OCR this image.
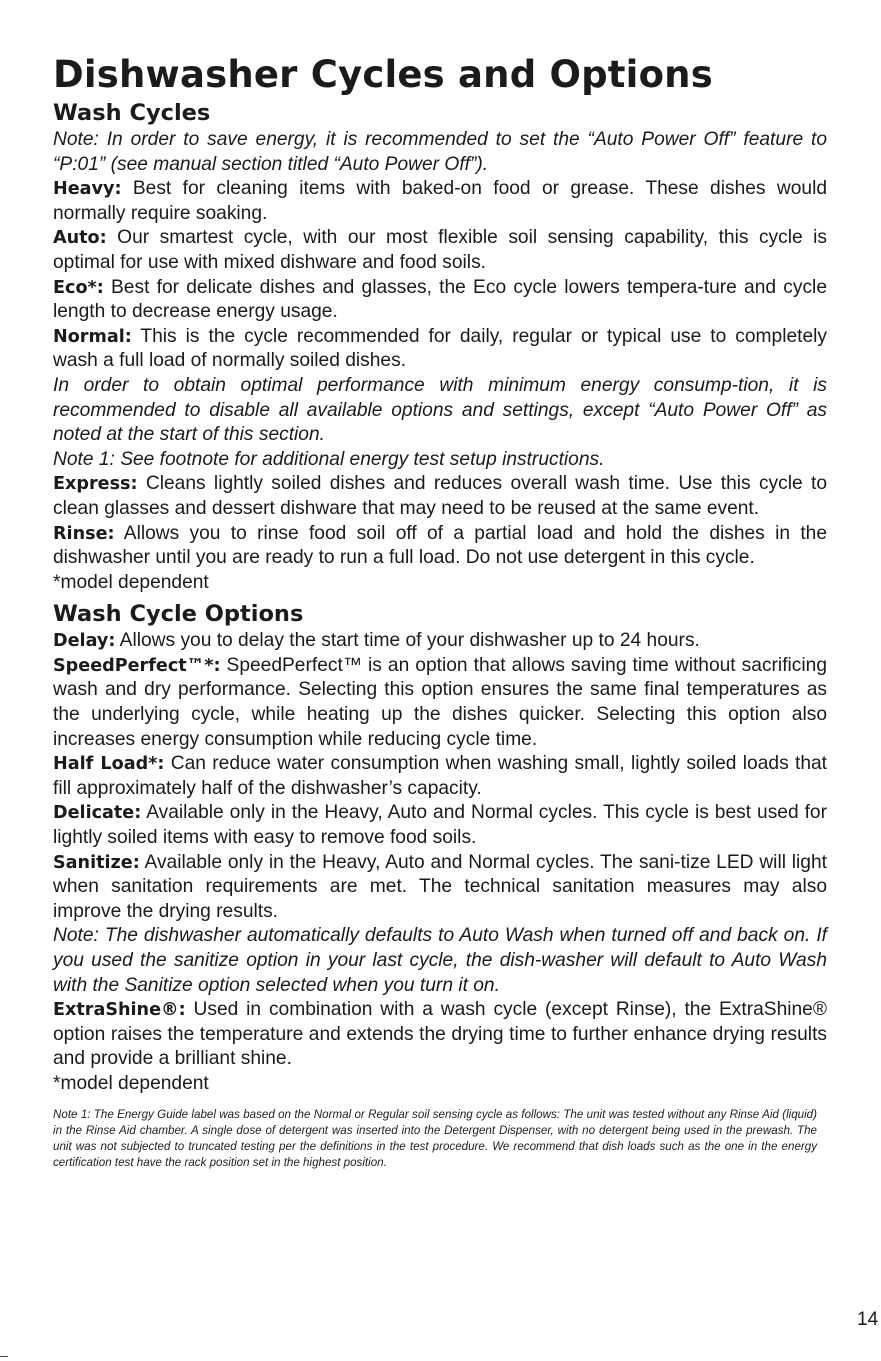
Dishwasher Cycles and Options
Wash Cycles

Note: In order to save energy, it is recommended to set the “Auto Power Off” feature to “P:01” (see manual section titled “Auto Power Off”).

Heavy: Best for cleaning items with baked-on food or grease. These dishes would normally require soaking.

Auto: Our smartest cycle, with our most flexible soil sensing capability, this cycle is optimal for use with mixed dishware and food soils.

Eco*: Best for delicate dishes and glasses, the Eco cycle lowers tempera-ture and cycle length to decrease energy usage.

Normal: This is the cycle recommended for daily, regular or typical use to completely wash a full load of normally soiled dishes.

In order to obtain optimal performance with minimum energy consump-tion, it is recommended to disable all available options and settings, except “Auto Power Off” as noted at the start of this section.

Note 1: See footnote for additional energy test setup instructions.

Express: Cleans lightly soiled dishes and reduces overall wash time. Use this cycle to clean glasses and dessert dishware that may need to be reused at the same event.

Rinse: Allows you to rinse food soil off of a partial load and hold the dishes in the dishwasher until you are ready to run a full load. Do not use detergent in this cycle.

*model dependent

Wash Cycle Options

Delay: Allows you to delay the start time of your dishwasher up to 24 hours.

SpeedPerfect™*: SpeedPerfect™ is an option that allows saving time without sacrificing wash and dry performance. Selecting this option ensures the same final temperatures as the underlying cycle, while heating up the dishes quicker. Selecting this option also increases energy consumption while reducing cycle time.

Half Load*: Can reduce water consumption when washing small, lightly soiled loads that fill approximately half of the dishwasher’s capacity.

Delicate: Available only in the Heavy, Auto and Normal cycles. This cycle is best used for lightly soiled items with easy to remove food soils.

Sanitize: Available only in the Heavy, Auto and Normal cycles. The sani-tize LED will light when sanitation requirements are met. The technical sanitation measures may also improve the drying results.

Note: The dishwasher automatically defaults to Auto Wash when turned off and back on. If you used the sanitize option in your last cycle, the dish-washer will default to Auto Wash with the Sanitize option selected when you turn it on.

ExtraShine®: Used in combination with a wash cycle (except Rinse), the ExtraShine® option raises the temperature and extends the drying time to further enhance drying results and provide a brilliant shine.

*model dependent

Note 1: The Energy Guide label was based on the Normal or Regular soil sensing cycle as follows: The unit was tested without any Rinse Aid (liquid) in the Rinse Aid chamber. A single dose of detergent was inserted into the Detergent Dispenser, with no detergent being used in the prewash. The unit was not subjected to truncated testing per the definitions in the test procedure. We recommend that dish loads such as the one in the energy certification test have the rack position set in the highest position.

14
